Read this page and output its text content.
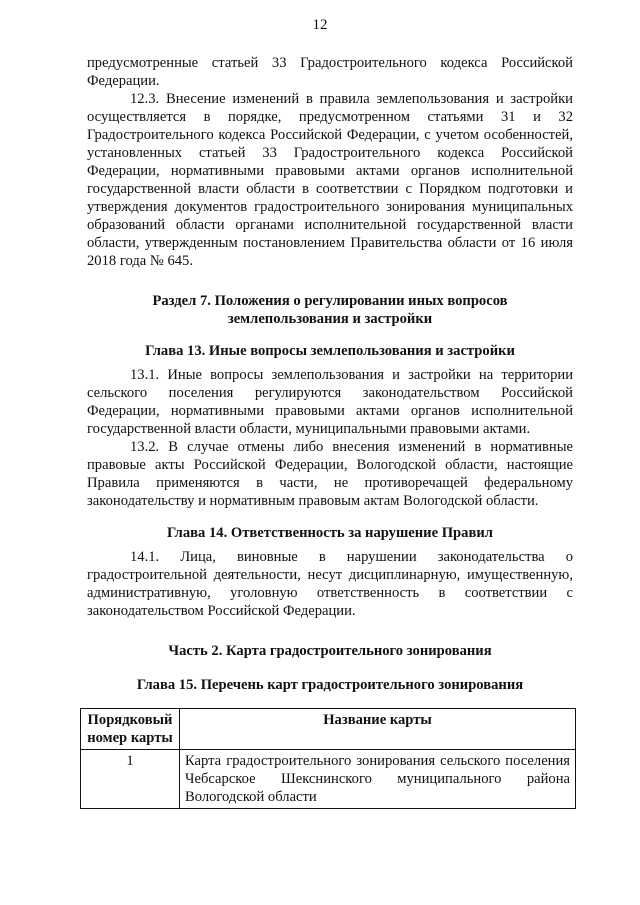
12

предусмотренные статьей 33 Градостроительного кодекса Российской Федерации.

12.3. Внесение изменений в правила землепользования и застройки осуществляется в порядке, предусмотренном статьями 31 и 32 Градостроительного кодекса Российской Федерации, с учетом особенностей, установленных статьей 33 Градостроительного кодекса Российской Федерации, нормативными правовыми актами органов исполнительной государственной власти области в соответствии с Порядком подготовки и утверждения документов градостроительного зонирования муниципальных образований области органами исполнительной государственной власти области, утвержденным постановлением Правительства области от 16 июля 2018 года № 645.

Раздел 7. Положения о регулировании иных вопросов
землепользования и застройки
Глава 13. Иные вопросы землепользования и застройки

13.1. Иные вопросы землепользования и застройки на территории сельского поселения регулируются законодательством Российской Федерации, нормативными правовыми актами органов исполнительной государственной власти области, муниципальными правовыми актами.

13.2. В случае отмены либо внесения изменений в нормативные правовые акты Российской Федерации, Вологодской области, настоящие Правила применяются в части, не противоречащей федеральному законодательству и нормативным правовым актам Вологодской области.

Глава 14. Ответственность за нарушение Правил

14.1. Лица, виновные в нарушении законодательства о градостроительной деятельности, несут дисциплинарную, имущественную, административную, уголовную ответственность в соответствии с законодательством Российской Федерации.

Часть 2. Карта градостроительного зонирования
Глава 15. Перечень карт градостроительного зонирования
Порядковый номер карты	Название карты
1	Карта градостроительного зонирования сельского поселения Чебсарское Шекснинского муниципального района Вологодской области
